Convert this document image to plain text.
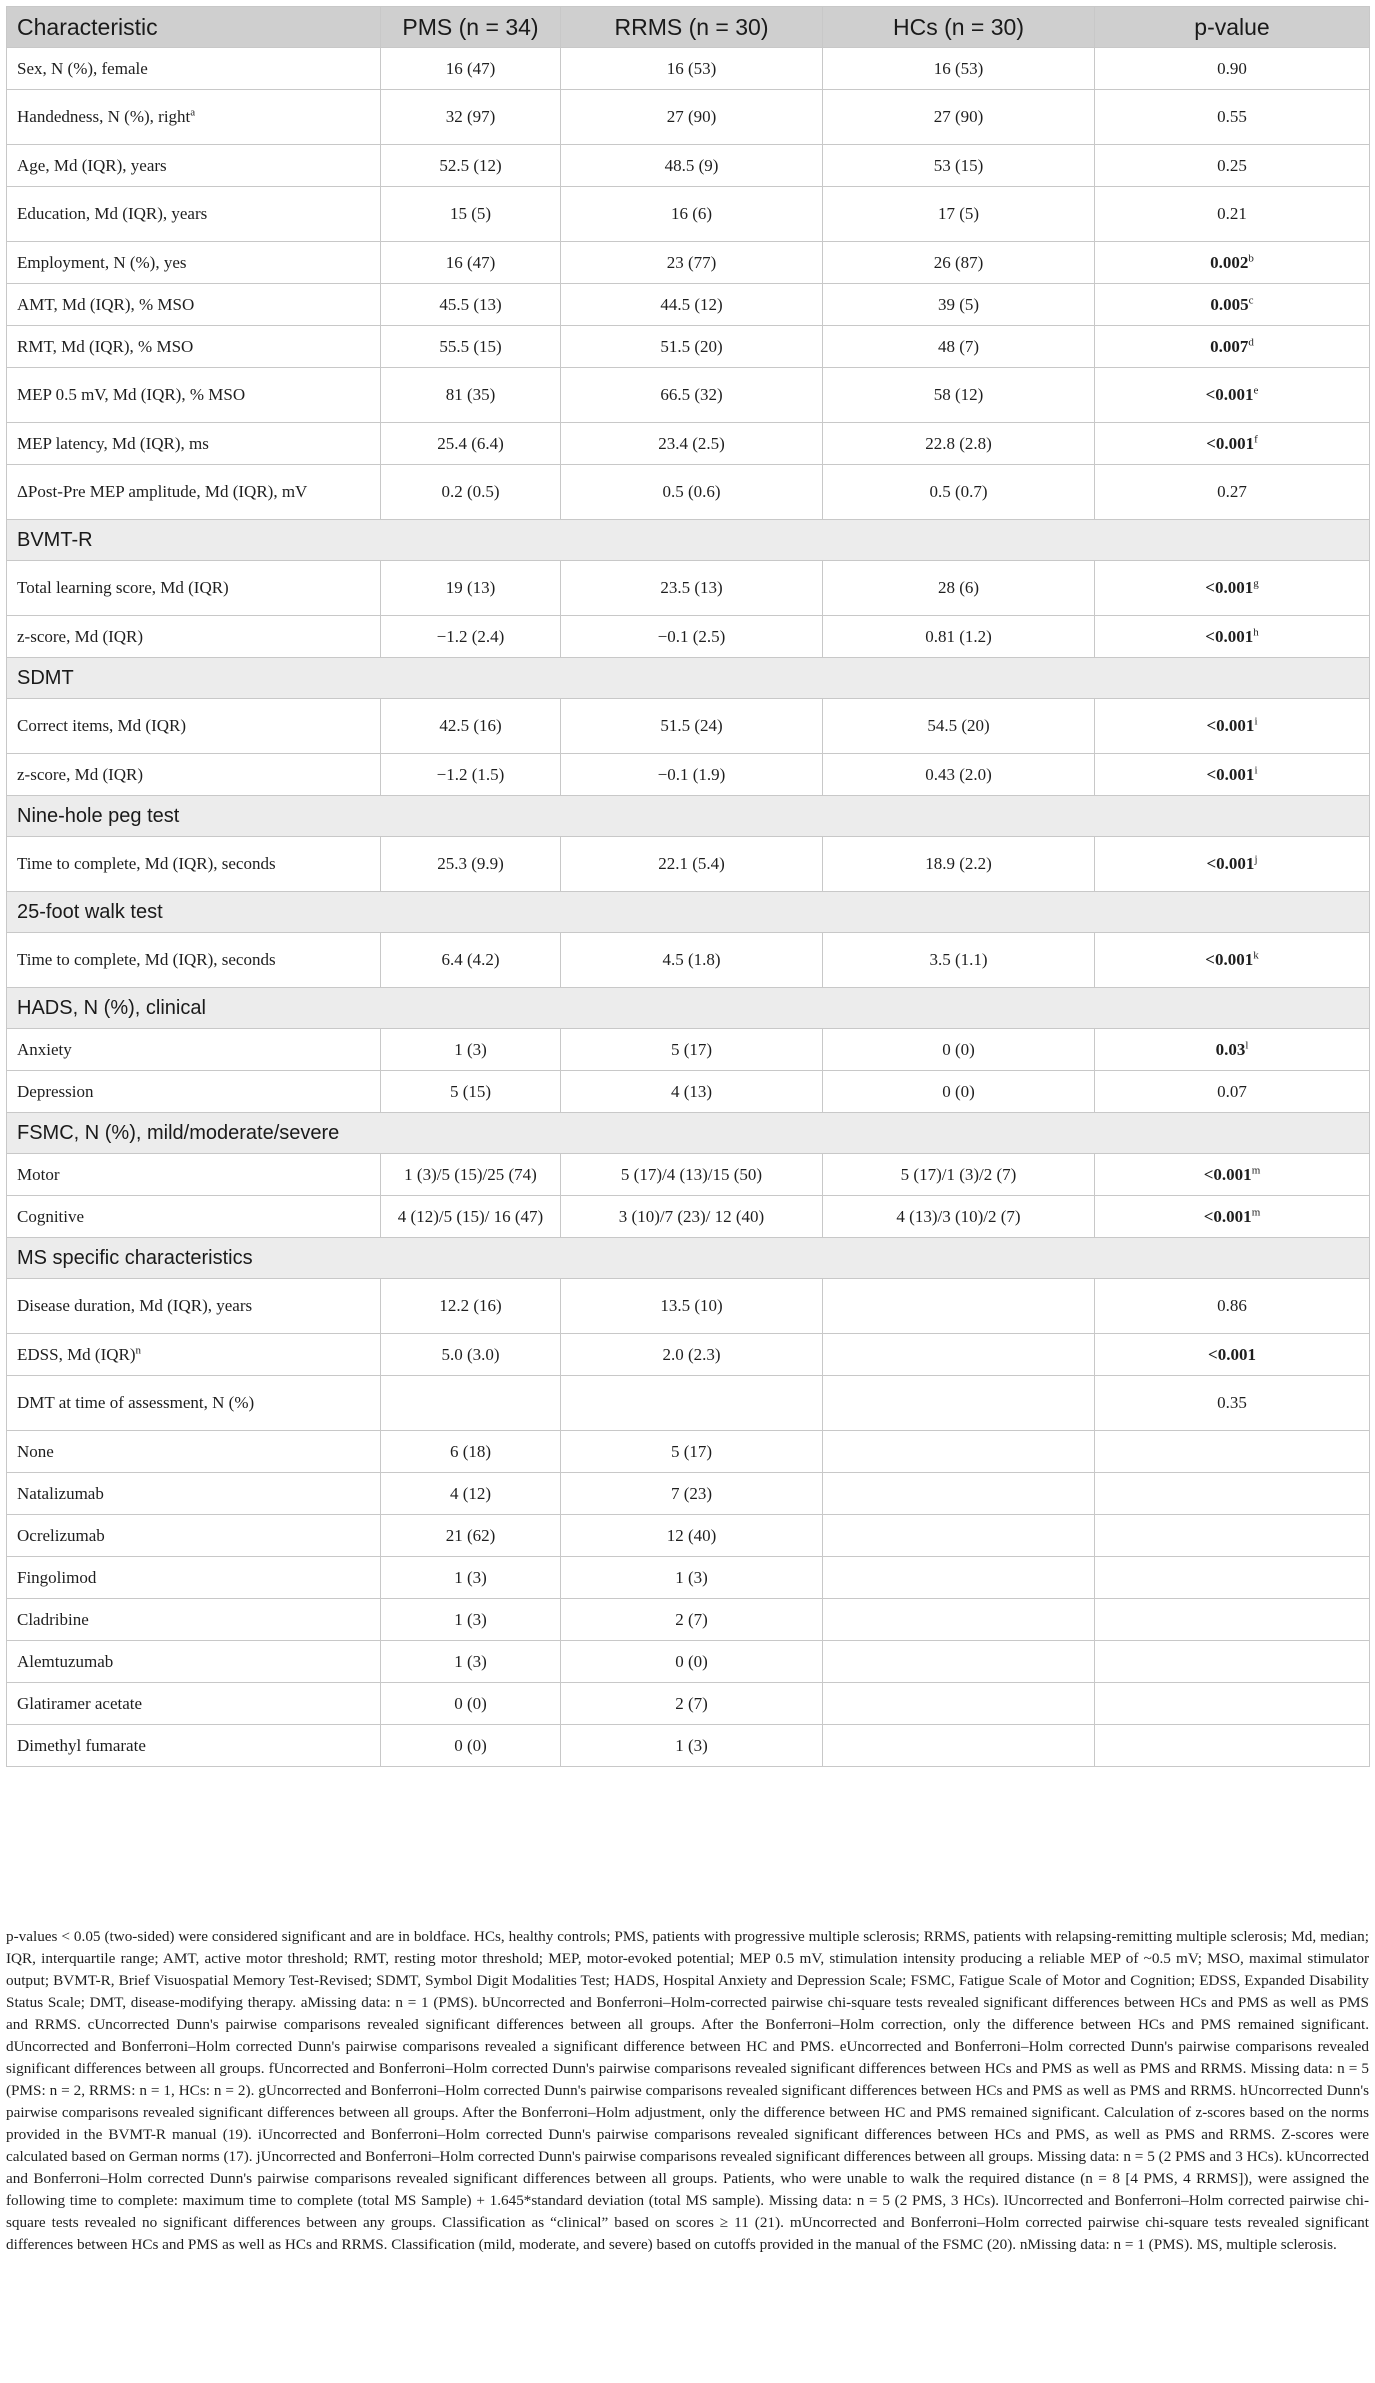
Characteristic	PMS (n = 34)	RRMS (n = 30)	HCs (n = 30)	p-value
Sex, N (%), female	16 (47)	16 (53)	16 (53)	0.90
Handedness, N (%), right$^a$	32 (97)	27 (90)	27 (90)	0.55
Age, Md (IQR), years	52.5 (12)	48.5 (9)	53 (15)	0.25
Education, Md (IQR), years	15 (5)	16 (6)	17 (5)	0.21
Employment, N (%), yes	16 (47)	23 (77)	26 (87)	0.002$^b$
AMT, Md (IQR), % MSO	45.5 (13)	44.5 (12)	39 (5)	0.005$^c$
RMT, Md (IQR), % MSO	55.5 (15)	51.5 (20)	48 (7)	0.007$^d$
MEP 0.5 mV, Md (IQR), % MSO	81 (35)	66.5 (32)	58 (12)	<0.001$^e$
MEP latency, Md (IQR), ms	25.4 (6.4)	23.4 (2.5)	22.8 (2.8)	<0.001$^f$
ΔPost-Pre MEP amplitude, Md (IQR), mV	0.2 (0.5)	0.5 (0.6)	0.5 (0.7)	0.27
BVMT-R				
Total learning score, Md (IQR)	19 (13)	23.5 (13)	28 (6)	<0.001$^g$
z-score, Md (IQR)	−1.2 (2.4)	−0.1 (2.5)	0.81 (1.2)	<0.001$^h$
SDMT				
Correct items, Md (IQR)	42.5 (16)	51.5 (24)	54.5 (20)	$<0.001^i$
z-score, Md (IQR)	−1.2 (1.5)	−0.1 (1.9)	0.43 (2.0)	$<0.001^i$
Nine-hole peg test				
Time to complete, Md (IQR), seconds	25.3 (9.9)	22.1 (5.4)	18.9 (2.2)	$<0.001^j$
25-foot walk test				
Time to complete, Md (IQR), seconds	6.4 (4.2)	4.5 (1.8)	3.5 (1.1)	$<0.001^k$
HADS, N (%), clinical				
Anxiety	1 (3)	5 (17)	0 (0)	0.03$^l$
Depression	5 (15)	4 (13)	0 (0)	0.07
FSMC, N (%), mild/moderate/severe				
Motor	1 (3)/5 (15)/25 (74)	5 (17)/4 (13)/15 (50)	5 (17)/1 (3)/2 (7)	$<0.001^m$
Cognitive	4 (12)/5 (15)/ 16 (47)	3 (10)/7 (23)/ 12 (40)	4 (13)/3 (10)/2 (7)	$<0.001^m$
MS specific characteristics				
Disease duration, Md (IQR), years	12.2 (16)	13.5 (10)		0.86
EDSS, Md (IQR)$^n$	5.0 (3.0)	2.0 (2.3)		<0.001
DMT at time of assessment, N (%)				0.35
None	6 (18)	5 (17)		
Natalizumab	4 (12)	7 (23)		
Ocrelizumab	21 (62)	12 (40)		
Fingolimod	1 (3)	1 (3)		
Cladribine	1 (3)	2 (7)		
Alemtuzumab	1 (3)	0 (0)		
Glatiramer acetate	0 (0)	2 (7)		
Dimethyl fumarate	0 (0)	1 (3)		
p-values < 0.05 (two-sided) were considered significant and are in boldface. HCs, healthy controls; PMS, patients with progressive multiple sclerosis; RRMS, patients with relapsing-remitting multiple sclerosis; Md, median; IQR, interquartile range; AMT, active motor threshold; RMT, resting motor threshold; MEP, motor-evoked potential; MEP 0.5 mV, stimulation intensity producing a reliable MEP of ~0.5 mV; MSO, maximal stimulator output; BVMT-R, Brief Visuospatial Memory Test-Revised; SDMT, Symbol Digit Modalities Test; HADS, Hospital Anxiety and Depression Scale; FSMC, Fatigue Scale of Motor and Cognition; EDSS, Expanded Disability Status Scale; DMT, disease-modifying therapy. aMissing data: n = 1 (PMS). bUncorrected and Bonferroni–Holm-corrected pairwise chi-square tests revealed significant differences between HCs and PMS as well as PMS and RRMS. cUncorrected Dunn's pairwise comparisons revealed significant differences between all groups. After the Bonferroni–Holm correction, only the difference between HCs and PMS remained significant. dUncorrected and Bonferroni–Holm corrected Dunn's pairwise comparisons revealed a significant difference between HC and PMS. eUncorrected and Bonferroni–Holm corrected Dunn's pairwise comparisons revealed significant differences between all groups. fUncorrected and Bonferroni–Holm corrected Dunn's pairwise comparisons revealed significant differences between HCs and PMS as well as PMS and RRMS. Missing data: n = 5 (PMS: n = 2, RRMS: n = 1, HCs: n = 2). gUncorrected and Bonferroni–Holm corrected Dunn's pairwise comparisons revealed significant differences between HCs and PMS as well as PMS and RRMS. hUncorrected Dunn's pairwise comparisons revealed significant differences between all groups. After the Bonferroni–Holm adjustment, only the difference between HC and PMS remained significant. Calculation of z-scores based on the norms provided in the BVMT-R manual (19). iUncorrected and Bonferroni–Holm corrected Dunn's pairwise comparisons revealed significant differences between HCs and PMS, as well as PMS and RRMS. Z-scores were calculated based on German norms (17). jUncorrected and Bonferroni–Holm corrected Dunn's pairwise comparisons revealed significant differences between all groups. Missing data: n = 5 (2 PMS and 3 HCs). kUncorrected and Bonferroni–Holm corrected Dunn's pairwise comparisons revealed significant differences between all groups. Patients, who were unable to walk the required distance (n = 8 [4 PMS, 4 RRMS]), were assigned the following time to complete: maximum time to complete (total MS Sample) + 1.645*standard deviation (total MS sample). Missing data: n = 5 (2 PMS, 3 HCs). lUncorrected and Bonferroni–Holm corrected pairwise chi-square tests revealed no significant differences between any groups. Classification as “clinical” based on scores ≥ 11 (21). mUncorrected and Bonferroni–Holm corrected pairwise chi-square tests revealed significant differences between HCs and PMS as well as HCs and RRMS. Classification (mild, moderate, and severe) based on cutoffs provided in the manual of the FSMC (20). nMissing data: n = 1 (PMS). MS, multiple sclerosis.
